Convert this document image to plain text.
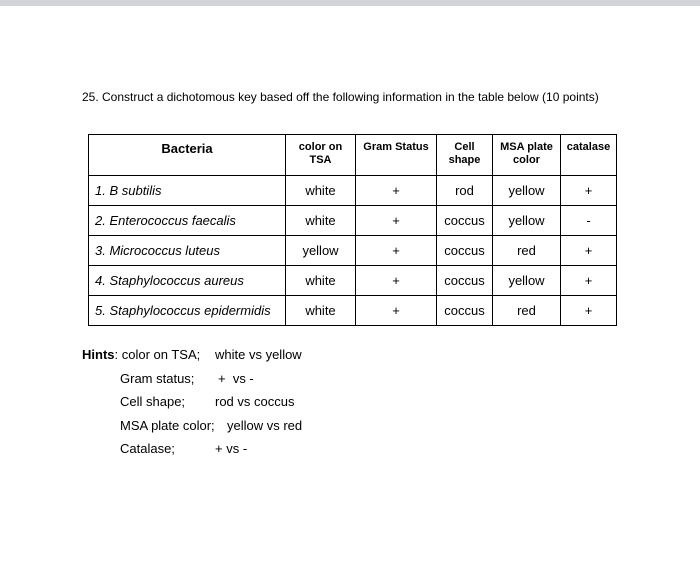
25. Construct a dichotomous key based off the following information in the table below (10 points)
Bacteria	color on TSA	Gram Status	Cell shape	MSA plate color	catalase
1. B subtilis	white	+	rod	yellow	+
2. Enterococcus faecalis	white	+	coccus	yellow	-
3. Micrococcus luteus	yellow	+	coccus	red	+
4. Staphylococcus aureus	white	+	coccus	yellow	+
5. Staphylococcus epidermidis	white	+	coccus	red	+
Hints: color on TSA;	white vs yellow
Gram status;	+  vs -
Cell shape;	rod vs coccus
MSA plate color; yellow vs red
Catalase;	+ vs -
